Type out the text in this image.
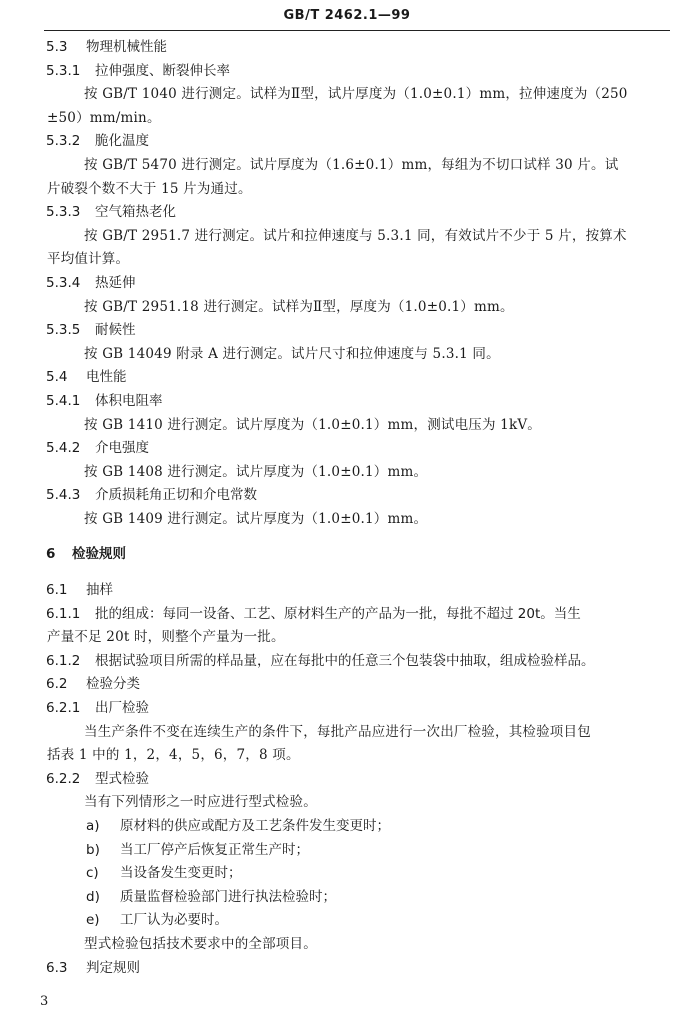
GB/T 2462.1—99
5.3 物理机械性能
5.3.1 拉伸强度、断裂伸长率
按 GB/T 1040 进行测定。试样为Ⅱ型，试片厚度为（1.0±0.1）mm，拉伸速度为（250
±50）mm/min。
5.3.2 脆化温度
按 GB/T 5470 进行测定。试片厚度为（1.6±0.1）mm，每组为不切口试样 30 片。试
片破裂个数不大于 15 片为通过。
5.3.3 空气箱热老化
按 GB/T 2951.7 进行测定。试片和拉伸速度与 5.3.1 同，有效试片不少于 5 片，按算术
平均值计算。
5.3.4 热延伸
按 GB/T 2951.18 进行测定。试样为Ⅱ型，厚度为（1.0±0.1）mm。
5.3.5 耐候性
按 GB 14049 附录 A 进行测定。试片尺寸和拉伸速度与 5.3.1 同。
5.4 电性能
5.4.1 体积电阻率
按 GB 1410 进行测定。试片厚度为（1.0±0.1）mm，测试电压为 1kV。
5.4.2 介电强度
按 GB 1408 进行测定。试片厚度为（1.0±0.1）mm。
5.4.3 介质损耗角正切和介电常数
按 GB 1409 进行测定。试片厚度为（1.0±0.1）mm。
6 检验规则
6.1 抽样
6.1.1 批的组成：每同一设备、工艺、原材料生产的产品为一批，每批不超过 20t。当生
产量不足 20t 时，则整个产量为一批。
6.1.2 根据试验项目所需的样品量，应在每批中的任意三个包装袋中抽取，组成检验样品。
6.2 检验分类
6.2.1 出厂检验
当生产条件不变在连续生产的条件下，每批产品应进行一次出厂检验，其检验项目包
括表 1 中的 1，2，4，5，6，7，8 项。
6.2.2 型式检验
当有下列情形之一时应进行型式检验。
a) 原材料的供应或配方及工艺条件发生变更时；
b) 当工厂停产后恢复正常生产时；
c) 当设备发生变更时；
d) 质量监督检验部门进行执法检验时；
e) 工厂认为必要时。
型式检验包括技术要求中的全部项目。
6.3 判定规则
3
